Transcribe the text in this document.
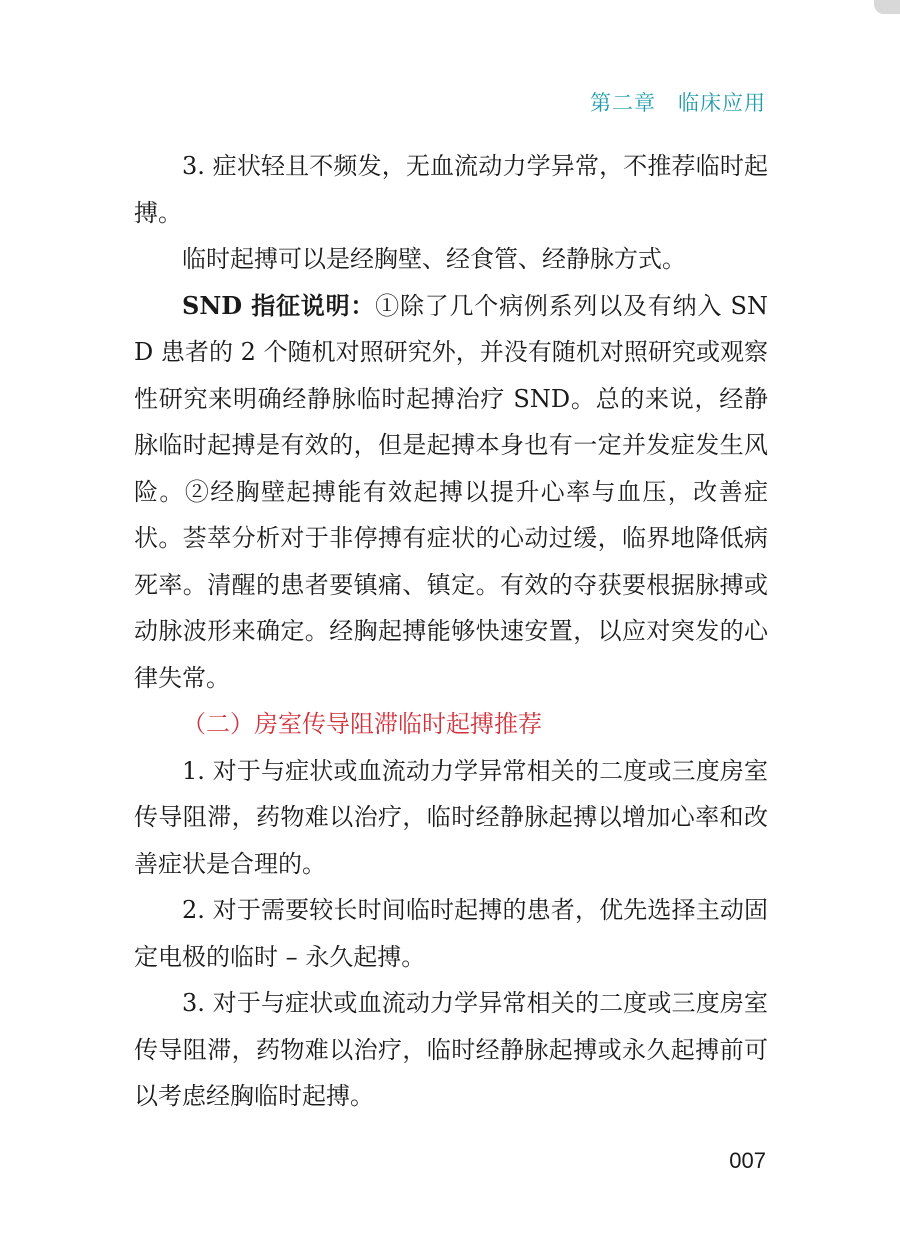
第二章 临床应用

3. 症状轻且不频发，无血流动力学异常，不推荐临时起搏。

临时起搏可以是经胸壁、经食管、经静脉方式。

SND 指征说明：①除了几个病例系列以及有纳入 SND 患者的 2 个随机对照研究外，并没有随机对照研究或观察性研究来明确经静脉临时起搏治疗 SND。总的来说，经静脉临时起搏是有效的，但是起搏本身也有一定并发症发生风险。②经胸壁起搏能有效起搏以提升心率与血压，改善症状。荟萃分析对于非停搏有症状的心动过缓，临界地降低病死率。清醒的患者要镇痛、镇定。有效的夺获要根据脉搏或动脉波形来确定。经胸起搏能够快速安置，以应对突发的心律失常。

（二）房室传导阻滞临时起搏推荐

1. 对于与症状或血流动力学异常相关的二度或三度房室传导阻滞，药物难以治疗，临时经静脉起搏以增加心率和改善症状是合理的。

2. 对于需要较长时间临时起搏的患者，优先选择主动固定电极的临时 – 永久起搏。

3. 对于与症状或血流动力学异常相关的二度或三度房室传导阻滞，药物难以治疗，临时经静脉起搏或永久起搏前可以考虑经胸临时起搏。

007
